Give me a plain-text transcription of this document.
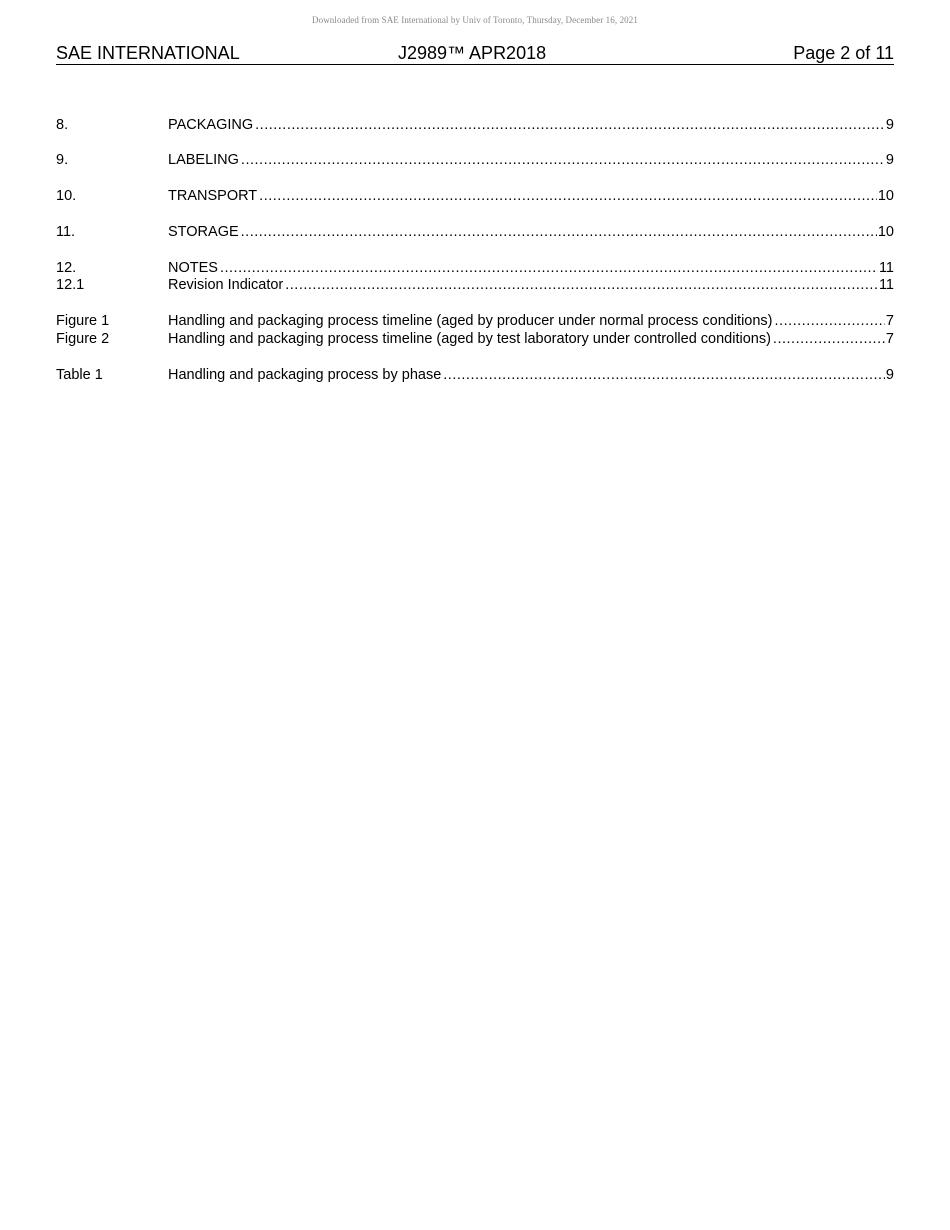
Downloaded from SAE International by Univ of Toronto, Thursday, December 16, 2021
SAE INTERNATIONAL	J2989™ APR2018	Page 2 of 11
8.	PACKAGING .....	9
9.	LABELING .....	9
10.	TRANSPORT .....	10
11.	STORAGE .....	10
12.	NOTES .....	11
12.1	Revision Indicator .....	11
Figure 1	Handling and packaging process timeline (aged by producer under normal process conditions) .....	7
Figure 2	Handling and packaging process timeline (aged by test laboratory under controlled conditions) .....	7
Table 1	Handling and packaging process by phase .....	9
